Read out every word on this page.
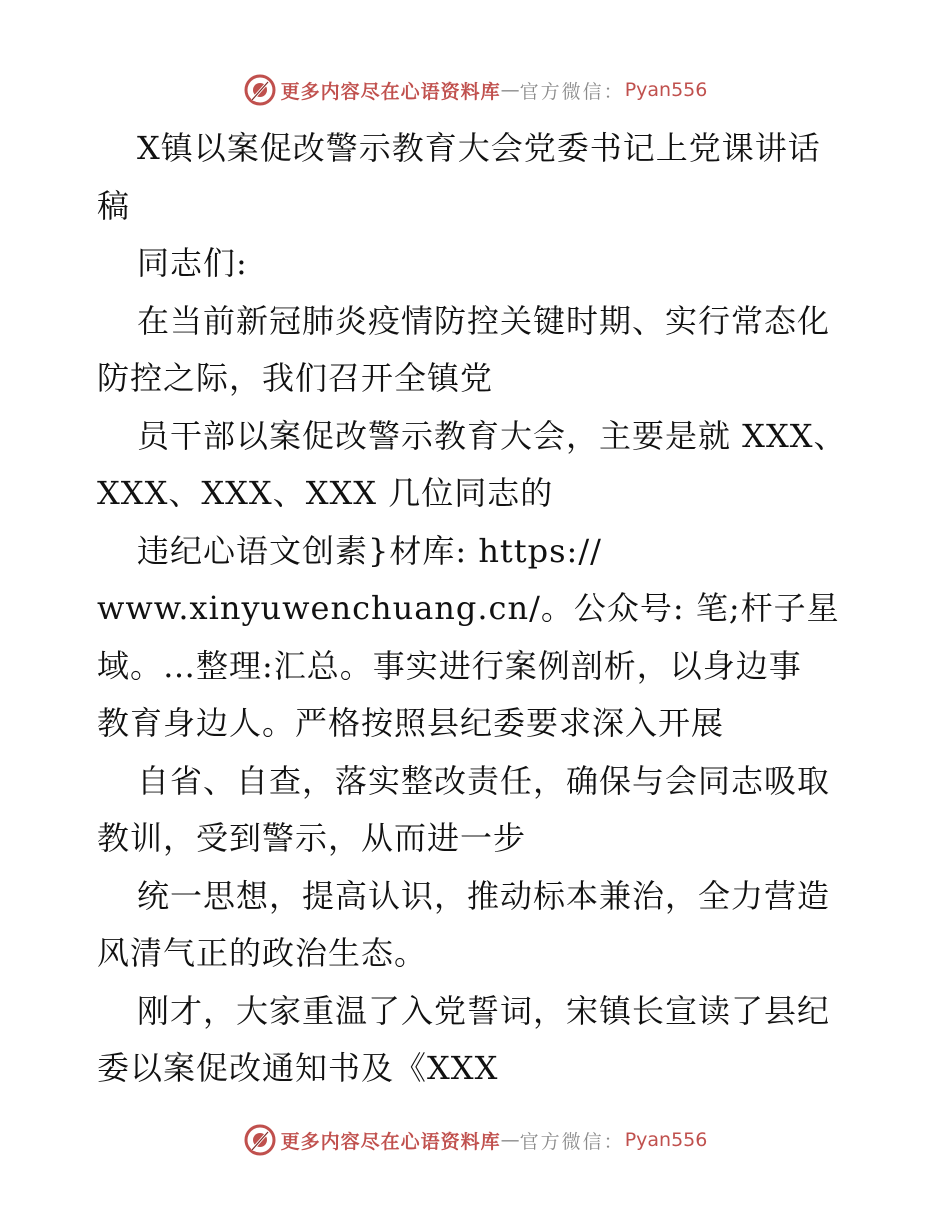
更多内容尽在心语资料库 — 官方微信： Pyan556
X镇以案促改警示教育大会党委书记上党课讲话
稿
同志们:
在当前新冠肺炎疫情防控关键时期、实行常态化
防控之际，我们召开全镇党
员干部以案促改警示教育大会，主要是就 XXX、
XXX、XXX、XXX 几位同志的
违纪心语文创素}材库: https://
www.xinyuwenchuang.cn/。公众号: 笔;杆子星
域。…整理:汇总。事实进行案例剖析，以身边事
教育身边人。严格按照县纪委要求深入开展
自省、自查，落实整改责任，确保与会同志吸取
教训，受到警示，从而进一步
统一思想，提高认识，推动标本兼治，全力营造
风清气正的政治生态。
刚才，大家重温了入党誓词，宋镇长宣读了县纪
委以案促改通知书及《XXX
更多内容尽在心语资料库 — 官方微信： Pyan556
